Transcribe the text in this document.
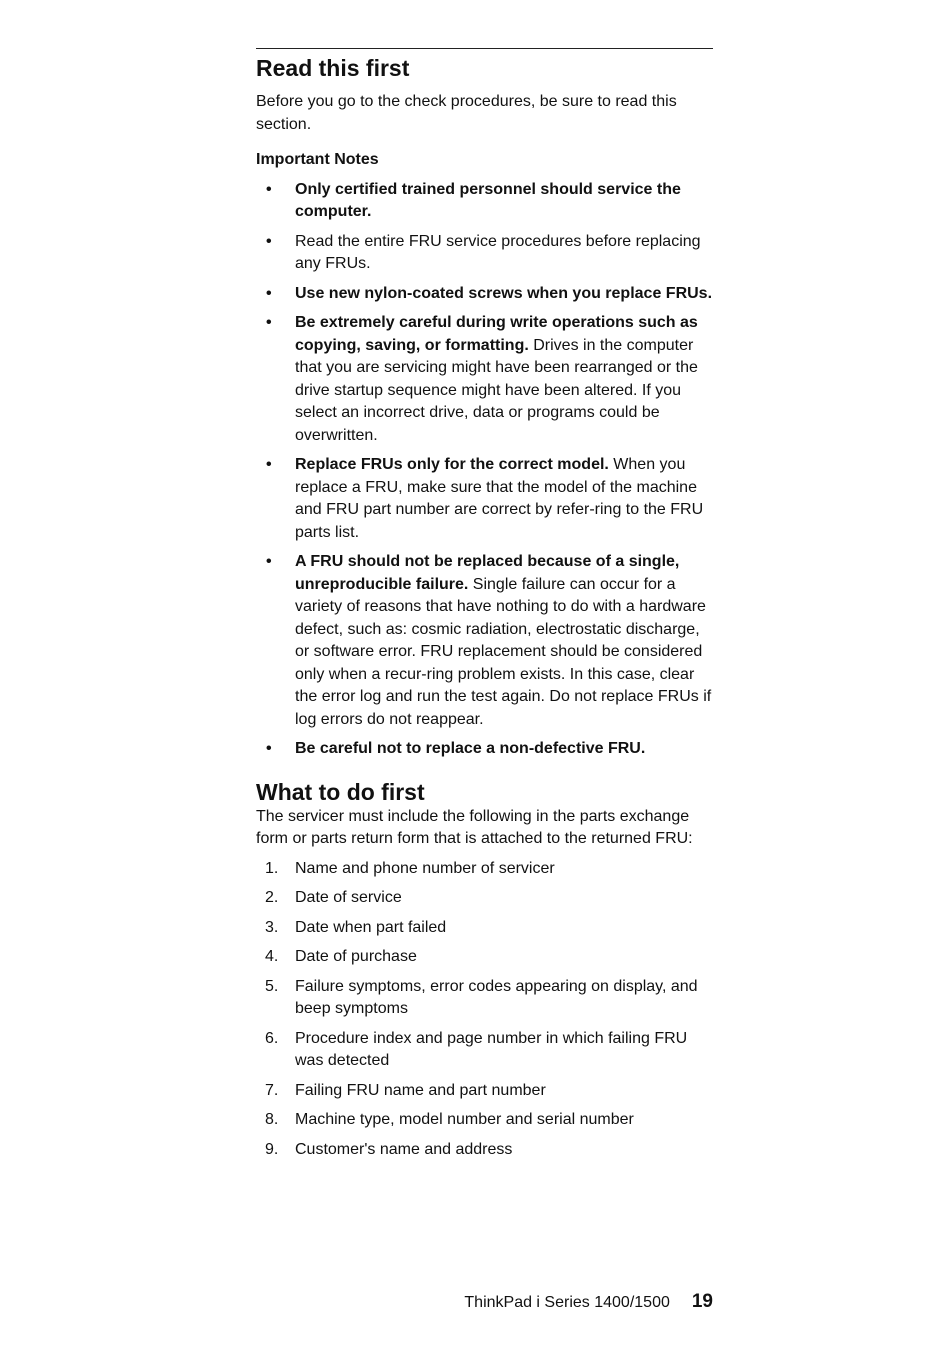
Read this first

Before you go to the check procedures, be sure to read this section.

Important Notes
• Only certified trained personnel should service the computer.
• Read the entire FRU service procedures before replacing any FRUs.
• Use new nylon-coated screws when you replace FRUs.
• Be extremely careful during write operations such as copying, saving, or formatting. Drives in the computer that you are servicing might have been rearranged or the drive startup sequence might have been altered. If you select an incorrect drive, data or programs could be overwritten.
• Replace FRUs only for the correct model. When you replace a FRU, make sure that the model of the machine and FRU part number are correct by refer-ring to the FRU parts list.
• A FRU should not be replaced because of a single, unreproducible failure. Single failure can occur for a variety of reasons that have nothing to do with a hardware defect, such as: cosmic radiation, electrostatic discharge, or software error. FRU replacement should be considered only when a recur-ring problem exists. In this case, clear the error log and run the test again. Do not replace FRUs if log errors do not reappear.
• Be careful not to replace a non-defective FRU.
What to do first

The servicer must include the following in the parts exchange form or parts return form that is attached to the returned FRU:

1. Name and phone number of servicer
2. Date of service
3. Date when part failed
4. Date of purchase
5. Failure symptoms, error codes appearing on display, and beep symptoms
6. Procedure index and page number in which failing FRU was detected
7. Failing FRU name and part number
8. Machine type, model number and serial number
9. Customer's name and address
ThinkPad i Series 1400/1500 19
